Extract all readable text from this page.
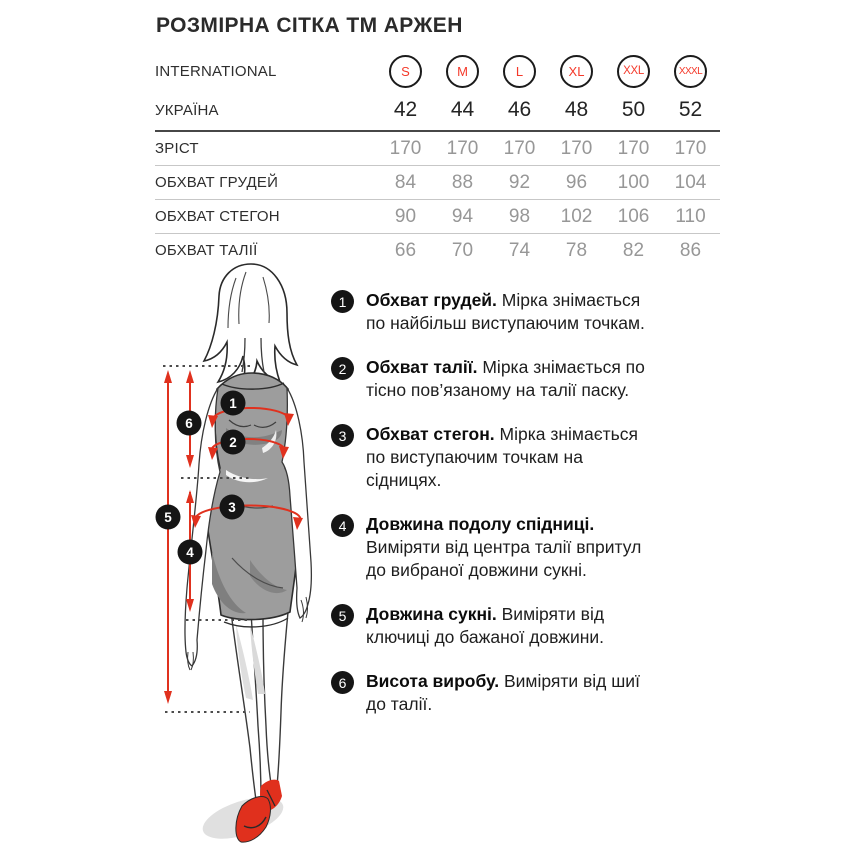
РОЗМІРНА СІТКА ТМ АРЖЕН
INTERNATIONAL	S	M	L	XL	XXL	XXXL
УКРАЇНА	42	44	46	48	50	52
ЗРІСТ	170	170	170	170	170	170
ОБХВАТ ГРУДЕЙ	84	88	92	96	100	104
ОБХВАТ СТЕГОН	90	94	98	102	106	110
ОБХВАТ ТАЛІЇ	66	70	74	78	82	86
1
2
3
4
5
6
1	Обхват грудей. Мірка знімається по найбільш виступаючим точкам.
2	Обхват талії. Мірка знімається по тісно пов’язаному на талії паску.
3	Обхват стегон. Мірка знімається по виступаючим точкам на сідницях.
4	Довжина подолу спідниці. Виміряти від центра талії впритул до вибраної довжини сукні.
5	Довжина сукні. Виміряти від ключиці до бажаної довжини.
6	Висота виробу. Виміряти від шиї до талії.
